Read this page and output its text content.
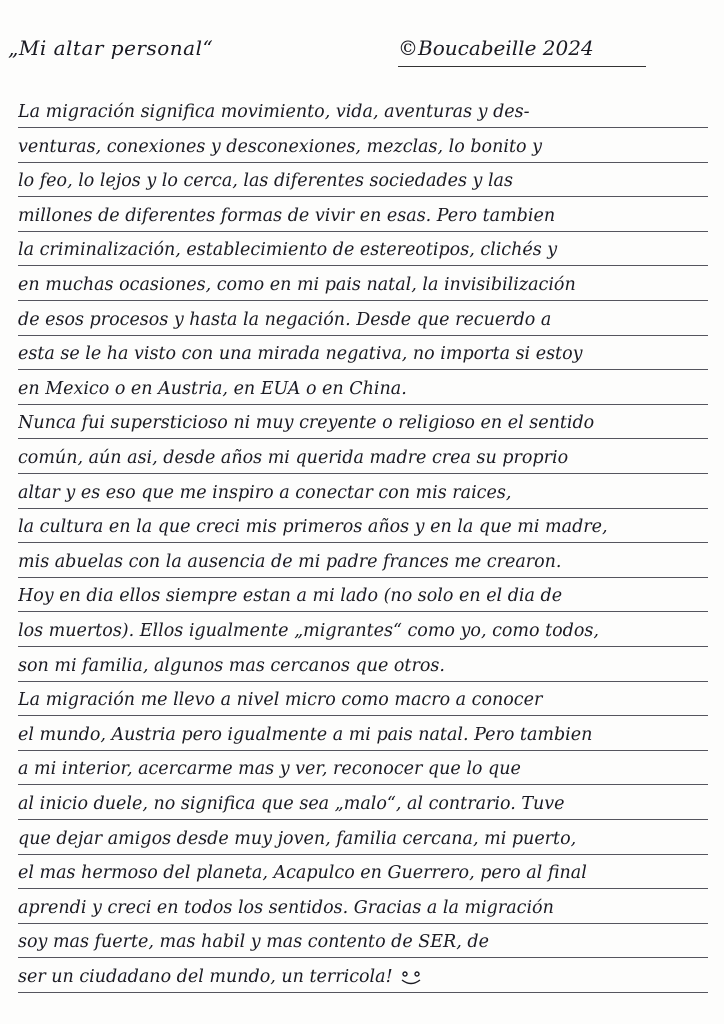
„Mi altar personal“	©Boucabeille 2024
La migración significa movimiento, vida, aventuras y des-
venturas, conexiones y desconexiones, mezclas, lo bonito y
lo feo, lo lejos y lo cerca, las diferentes sociedades y las
millones de diferentes formas de vivir en esas. Pero tambien
la criminalización, establecimiento de estereotipos, clichés y
en muchas ocasiones, como en mi pais natal, la invisibilización
de esos procesos y hasta la negación. Desde que recuerdo a
esta se le ha visto con una mirada negativa, no importa si estoy
en Mexico o en Austria, en EUA o en China.
Nunca fui supersticioso ni muy creyente o religioso en el sentido
común, aún asi, desde años mi querida madre crea su proprio
altar y es eso que me inspiro a conectar con mis raices,
la cultura en la que creci mis primeros años y en la que mi madre,
mis abuelas con la ausencia de mi padre frances me crearon.
Hoy en dia ellos siempre estan a mi lado (no solo en el dia de
los muertos). Ellos igualmente „migrantes“ como yo, como todos,
son mi familia, algunos mas cercanos que otros.
La migración me llevo a nivel micro como macro a conocer
el mundo, Austria pero igualmente a mi pais natal. Pero tambien
a mi interior, acercarme mas y ver, reconocer que lo que
al inicio duele, no significa que sea „malo“, al contrario. Tuve
que dejar amigos desde muy joven, familia cercana, mi puerto,
el mas hermoso del planeta, Acapulco en Guerrero, pero al final
aprendi y creci en todos los sentidos. Gracias a la migración
soy mas fuerte, mas habil y mas contento de SER, de
ser un ciudadano del mundo, un terricola!
